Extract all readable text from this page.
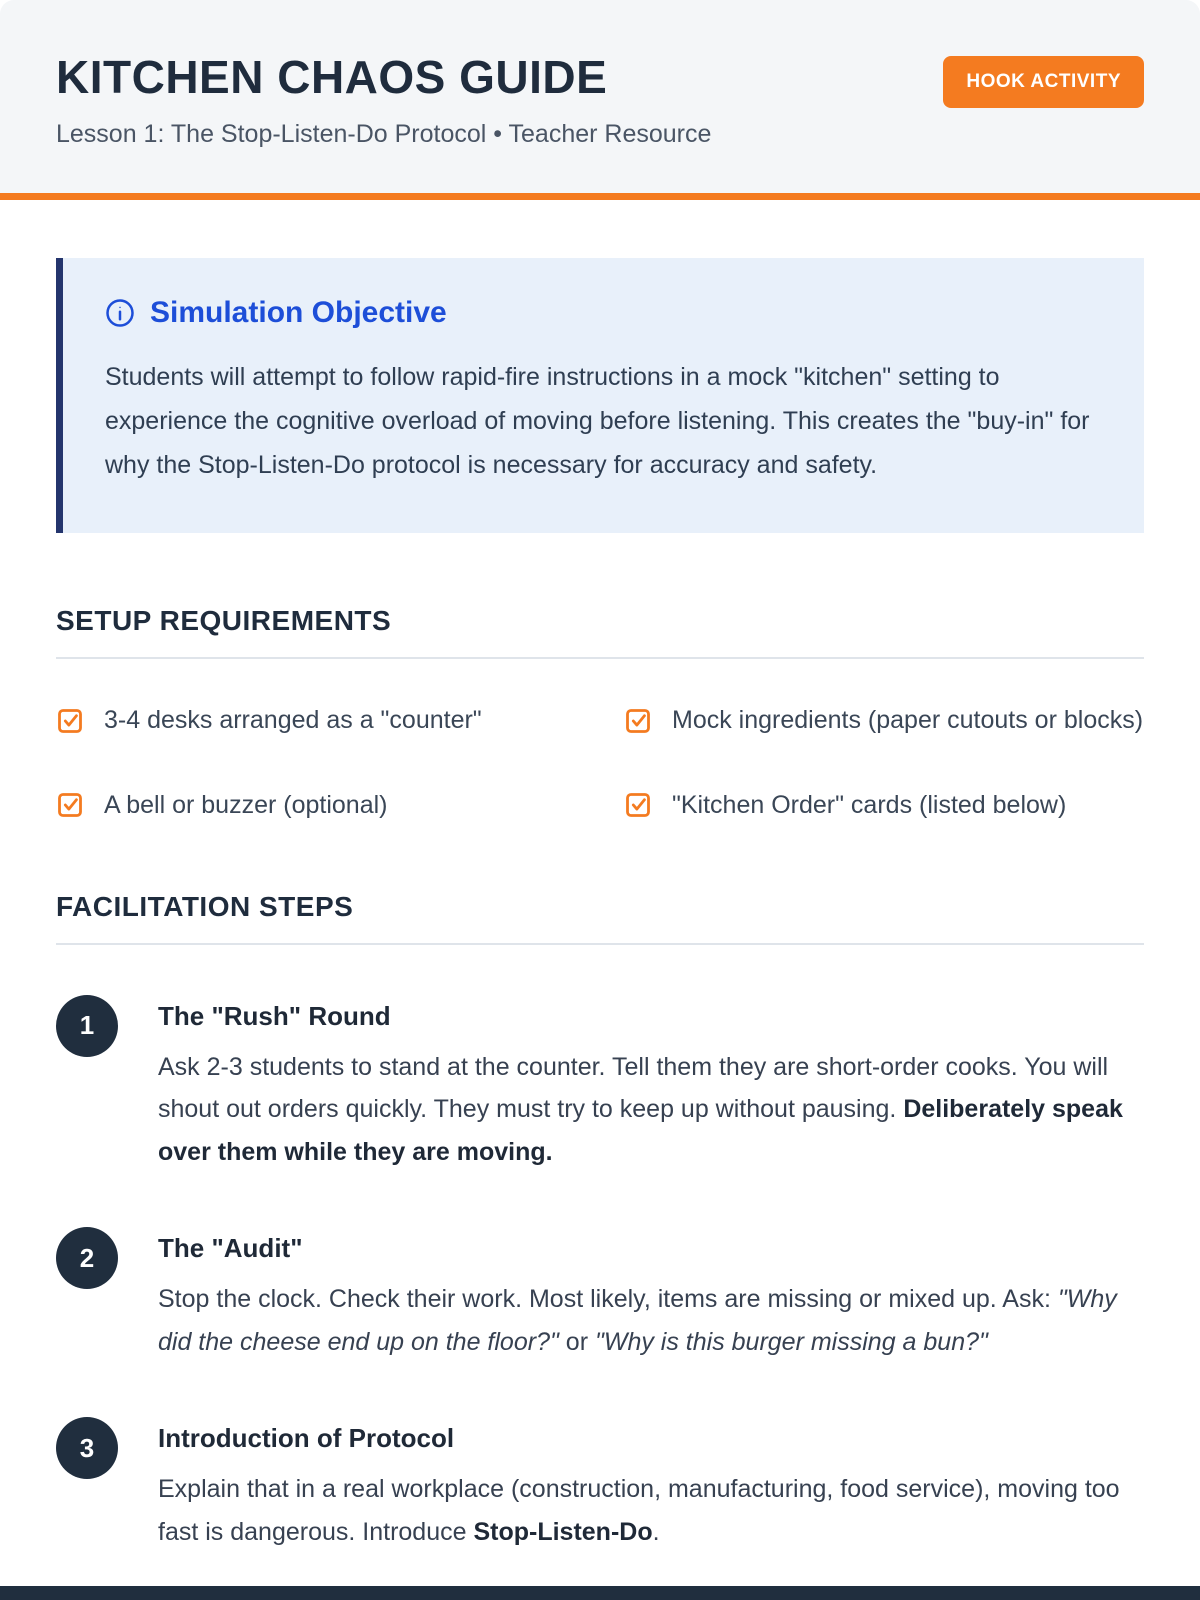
KITCHEN CHAOS GUIDE
Lesson 1: The Stop-Listen-Do Protocol • Teacher Resource
HOOK ACTIVITY
Simulation Objective

Students will attempt to follow rapid-fire instructions in a mock "kitchen" setting to experience the cognitive overload of moving before listening. This creates the "buy-in" for why the Stop-Listen-Do protocol is necessary for accuracy and safety.

SETUP REQUIREMENTS
3-4 desks arranged as a "counter"	Mock ingredients (paper cutouts or blocks)
A bell or buzzer (optional)	"Kitchen Order" cards (listed below)
FACILITATION STEPS
1	The "Rush" Round

Ask 2-3 students to stand at the counter. Tell them they are short-order cooks. You will shout out orders quickly. They must try to keep up without pausing. Deliberately speak over them while they are moving.

2	The "Audit"

Stop the clock. Check their work. Most likely, items are missing or mixed up. Ask: "Why did the cheese end up on the floor?" or "Why is this burger missing a bun?"

3	Introduction of Protocol

Explain that in a real workplace (construction, manufacturing, food service), moving too fast is dangerous. Introduce Stop-Listen-Do.
